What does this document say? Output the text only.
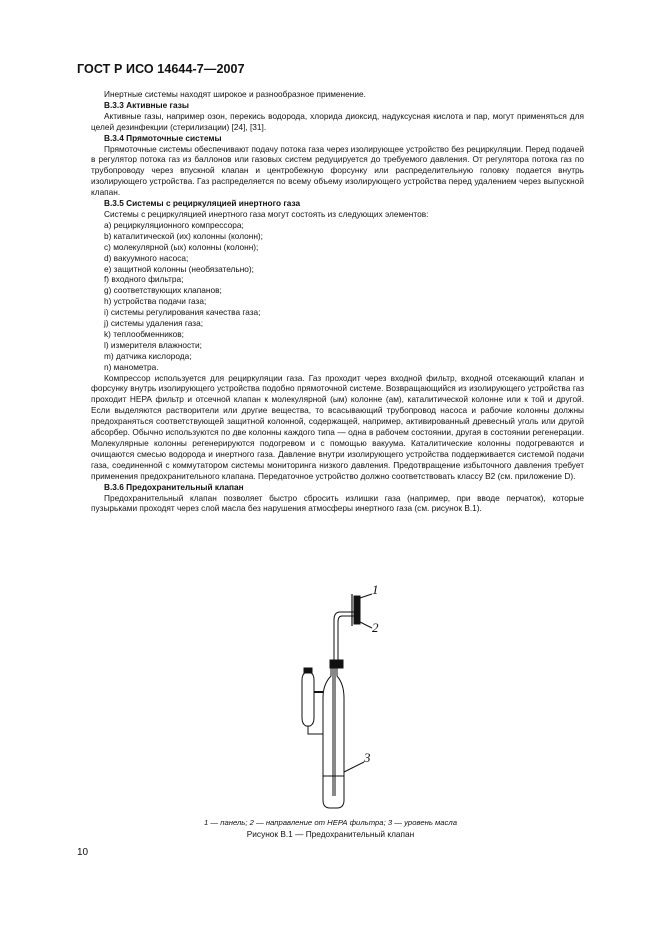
ГОСТ Р ИСО 14644-7—2007

Инертные системы находят широкое и разнообразное применение.

В.3.3 Активные газы

Активные газы, например озон, перекись водорода, хлорида диоксид, надуксусная кислота и пар, могут применяться для целей дезинфекции (стерилизации) [24], [31].

В.3.4 Прямоточные системы

Прямоточные системы обеспечивают подачу потока газа через изолирующее устройство без рециркуляции. Перед подачей в регулятор потока газ из баллонов или газовых систем редуцируется до требуемого давления. От регулятора потока газ по трубопроводу через впускной клапан и центробежную форсунку или распределительную головку подается внутрь изолирующего устройства. Газ распределяется по всему объему изолирующего устройства перед удалением через выпускной клапан.

В.3.5 Системы с рециркуляцией инертного газа

Системы с рециркуляцией инертного газа могут состоять из следующих элементов:

a) рециркуляционного компрессора;
b) каталитической (их) колонны (колонн);
c) молекулярной (ых) колонны (колонн);
d) вакуумного насоса;
e) защитной колонны (необязательно);
f) входного фильтра;
g) соответствующих клапанов;
h) устройства подачи газа;
i) системы регулирования качества газа;
j) системы удаления газа;
k) теплообменников;
l) измерителя влажности;
m) датчика кислорода;
n) манометра.

Компрессор используется для рециркуляции газа. Газ проходит через входной фильтр, входной отсекающий клапан и форсунку внутрь изолирующего устройства подобно прямоточной системе. Возвращающийся из изолирующего устройства газ проходит НЕРА фильтр и отсечной клапан к молекулярной (ым) колонне (ам), каталитической колонне или к той и другой. Если выделяются растворители или другие вещества, то всасывающий трубопровод насоса и рабочие колонны должны предохраняться соответствующей защитной колонной, содержащей, например, активированный древесный уголь или другой абсорбер. Обычно используются по две колонны каждого типа — одна в рабочем состоянии, другая в состоянии регенерации. Молекулярные колонны регенерируются подогревом и с помощью вакуума. Каталитические колонны подогреваются и очищаются смесью водорода и инертного газа. Давление внутри изолирующего устройства поддерживается системой подачи газа, соединенной с коммутатором системы мониторинга низкого давления. Предотвращение избыточного давления требует применения предохранительного клапана. Передаточное устройство должно соответствовать классу В2 (см. приложение D).

В.3.6 Предохранительный клапан

Предохранительный клапан позволяет быстро сбросить излишки газа (например, при вводе перчаток), которые пузырьками проходят через слой масла без нарушения атмосферы инертного газа (см. рисунок В.1).

1
2
3
1 — панель; 2 — направление от НЕРА фильтра; 3 — уровень масла
Рисунок В.1 — Предохранительный клапан
10
